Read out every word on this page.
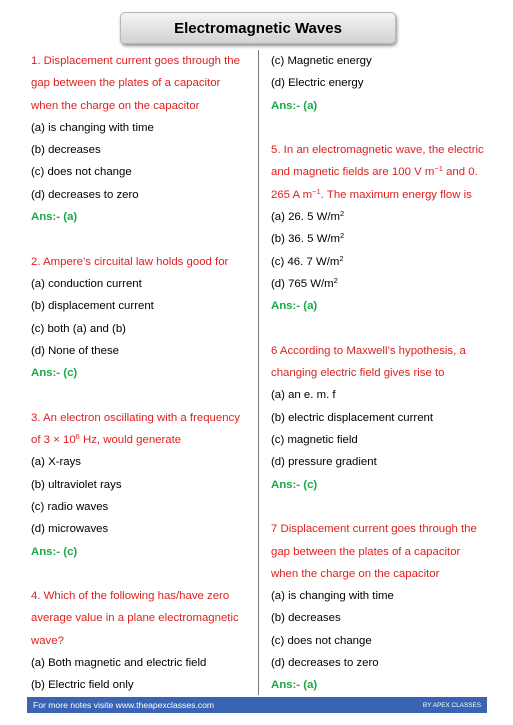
Electromagnetic Waves
1. Displacement current goes through the
gap between the plates of a capacitor
when the charge on the capacitor
(a) is changing with time
(b) decreases
(c) does not change
(d) decreases to zero
Ans:- (a)
2. Ampere’s circuital law holds good for
(a) conduction current
(b) displacement current
(c) both (a) and (b)
(d) None of these
Ans:- (c)
3. An electron oscillating with a frequency
of $3 \times 10^6$ Hz, would generate
(a) X-rays
(b) ultraviolet rays
(c) radio waves
(d) microwaves
Ans:- (c)
4. Which of the following has/have zero
average value in a plane electromagnetic
wave?
(a) Both magnetic and electric field
(b) Electric field only
(c) Magnetic energy
(d) Electric energy
Ans:- (a)
5. In an electromagnetic wave, the electric
and magnetic fields are 100 V $m^{-1}$ and 0.
265 A $m^{-1}$. The maximum energy flow is
(a) 26. 5 $W/m^2$
(b) 36. 5 $W/m^2$
(c) 46. 7 $W/m^2$
(d) 765 $W/m^2$
Ans:- (a)
6 According to Maxwell’s hypothesis, a
changing electric field gives rise to
(a) an e. m. f
(b) electric displacement current
(c) magnetic field
(d) pressure gradient
Ans:- (c)
7 Displacement current goes through the
gap between the plates of a capacitor
when the charge on the capacitor
(a) is changing with time
(b) decreases
(c) does not change
(d) decreases to zero
Ans:- (a)
For more notes visite www.theapexclasses.com	BY APEX CLASSES
